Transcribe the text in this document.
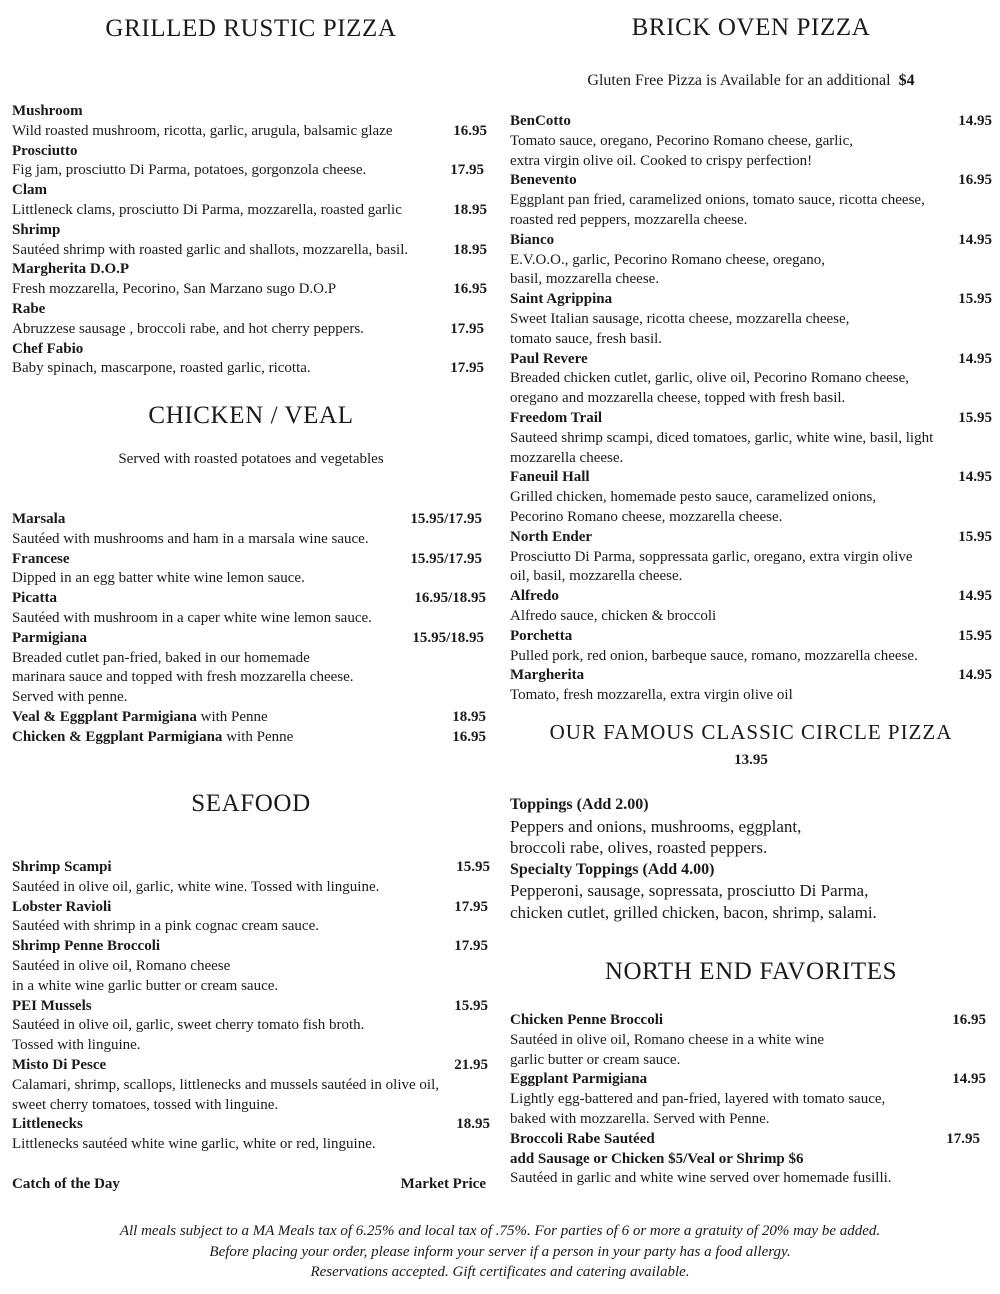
GRILLED RUSTIC PIZZA
Mushroom
Wild roasted mushroom, ricotta, garlic, arugula, balsamic glaze	16.95
Prosciutto
Fig jam, prosciutto Di Parma, potatoes, gorgonzola cheese.	17.95
Clam
Littleneck clams, prosciutto Di Parma, mozzarella, roasted garlic	18.95
Shrimp
Sautéed shrimp with roasted garlic and shallots, mozzarella, basil.	18.95
Margherita D.O.P
Fresh mozzarella, Pecorino, San Marzano sugo D.O.P	16.95
Rabe
Abruzzese sausage , broccoli rabe, and hot cherry peppers.	17.95
Chef Fabio
Baby spinach, mascarpone, roasted garlic, ricotta.	17.95
CHICKEN / VEAL
Served with roasted potatoes and vegetables
Marsala	15.95/17.95
Sautéed with mushrooms and ham in a marsala wine sauce.
Francese	15.95/17.95
Dipped in an egg batter white wine lemon sauce.
Picatta	16.95/18.95
Sautéed with mushroom in a caper white wine lemon sauce.
Parmigiana	15.95/18.95
Breaded cutlet pan-fried, baked in our homemade
marinara sauce and topped with fresh mozzarella cheese.
Served with penne.
Veal & Eggplant Parmigiana with Penne	18.95
Chicken & Eggplant Parmigiana with Penne	16.95
SEAFOOD
Shrimp Scampi	15.95
Sautéed in olive oil, garlic, white wine. Tossed with linguine.
Lobster Ravioli	17.95
Sautéed with shrimp in a pink cognac cream sauce.
Shrimp Penne Broccoli	17.95
Sautéed in olive oil, Romano cheese
in a white wine garlic butter or cream sauce.
PEI Mussels	15.95
Sautéed in olive oil, garlic, sweet cherry tomato fish broth.
Tossed with linguine.
Misto Di Pesce	21.95
Calamari, shrimp, scallops, littlenecks and mussels sautéed in olive oil,
sweet cherry tomatoes, tossed with linguine.
Littlenecks	18.95
Littlenecks sautéed white wine garlic, white or red, linguine.
Catch of the Day	Market Price
BRICK OVEN PIZZA
Gluten Free Pizza is Available for an additional $4
BenCotto	14.95
Tomato sauce, oregano, Pecorino Romano cheese, garlic,
extra virgin olive oil. Cooked to crispy perfection!
Benevento	16.95
Eggplant pan fried, caramelized onions, tomato sauce, ricotta cheese,
roasted red peppers, mozzarella cheese.
Bianco	14.95
E.V.O.O., garlic, Pecorino Romano cheese, oregano,
basil, mozzarella cheese.
Saint Agrippina	15.95
Sweet Italian sausage, ricotta cheese, mozzarella cheese,
tomato sauce, fresh basil.
Paul Revere	14.95
Breaded chicken cutlet, garlic, olive oil, Pecorino Romano cheese,
oregano and mozzarella cheese, topped with fresh basil.
Freedom Trail	15.95
Sauteed shrimp scampi, diced tomatoes, garlic, white wine, basil, light
mozzarella cheese.
Faneuil Hall	14.95
Grilled chicken, homemade pesto sauce, caramelized onions,
Pecorino Romano cheese, mozzarella cheese.
North Ender	15.95
Prosciutto Di Parma, soppressata garlic, oregano, extra virgin olive
oil, basil, mozzarella cheese.
Alfredo	14.95
Alfredo sauce, chicken & broccoli
Porchetta	15.95
Pulled pork, red onion, barbeque sauce, romano, mozzarella cheese.
Margherita	14.95
Tomato, fresh mozzarella, extra virgin olive oil
OUR FAMOUS CLASSIC CIRCLE PIZZA
13.95
Toppings (Add 2.00)
Peppers and onions, mushrooms, eggplant,
broccoli rabe, olives, roasted peppers.
Specialty Toppings (Add 4.00)
Pepperoni, sausage, sopressata, prosciutto Di Parma,
chicken cutlet, grilled chicken, bacon, shrimp, salami.
NORTH END FAVORITES
Chicken Penne Broccoli	16.95
Sautéed in olive oil, Romano cheese in a white wine
garlic butter or cream sauce.
Eggplant Parmigiana	14.95
Lightly egg-battered and pan-fried, layered with tomato sauce,
baked with mozzarella. Served with Penne.
Broccoli Rabe Sautéed	17.95
add Sausage or Chicken $5/Veal or Shrimp $6
Sautéed in garlic and white wine served over homemade fusilli.
All meals subject to a MA Meals tax of 6.25% and local tax of .75%. For parties of 6 or more a gratuity of 20% may be added.
Before placing your order, please inform your server if a person in your party has a food allergy.
Reservations accepted. Gift certificates and catering available.
